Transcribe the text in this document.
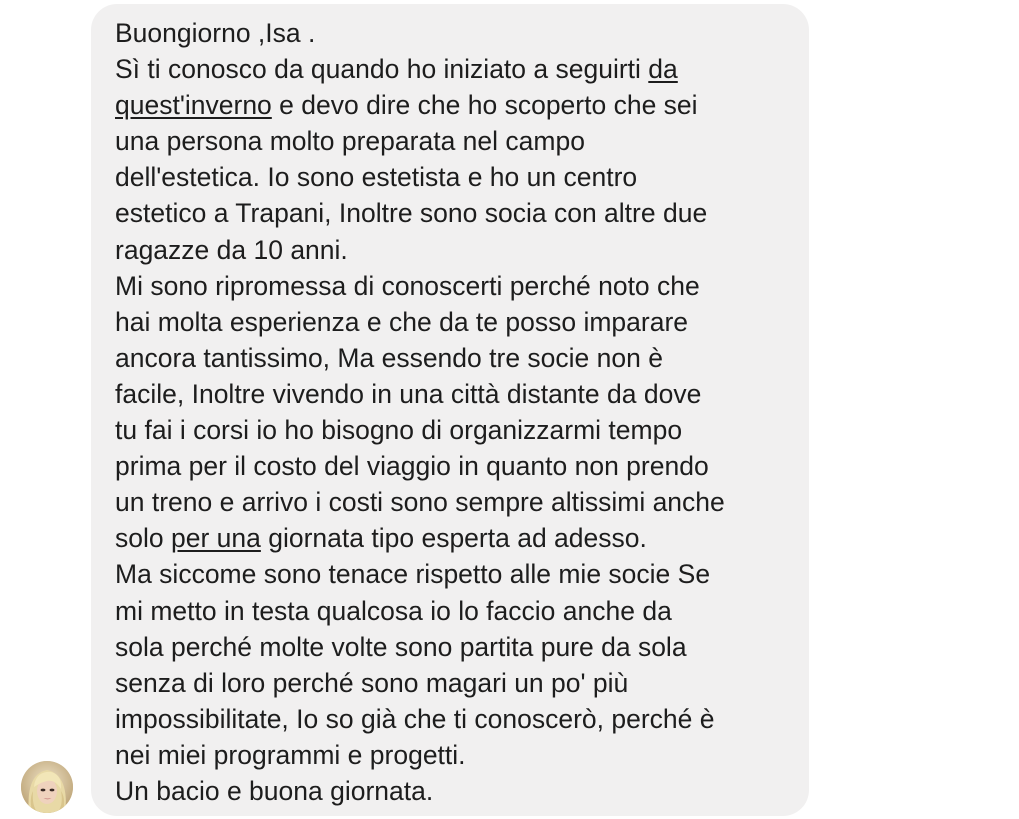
Buongiorno ,Isa .
Sì ti conosco da quando ho iniziato a seguirti da
quest'inverno e devo dire che ho scoperto che sei
una persona molto preparata nel campo
dell'estetica. Io sono estetista e ho un centro
estetico a Trapani, Inoltre sono socia con altre due
ragazze da 10 anni.
Mi sono ripromessa di conoscerti perché noto che
hai molta esperienza e che da te posso imparare
ancora tantissimo, Ma essendo tre socie non è
facile, Inoltre vivendo in una città distante da dove
tu fai i corsi io ho bisogno di organizzarmi tempo
prima per il costo del viaggio in quanto non prendo
un treno e arrivo i costi sono sempre altissimi anche
solo per una giornata tipo esperta ad adesso.
Ma siccome sono tenace rispetto alle mie socie Se
mi metto in testa qualcosa io lo faccio anche da
sola perché molte volte sono partita pure da sola
senza di loro perché sono magari un po' più
impossibilitate, Io so già che ti conoscerò, perché è
nei miei programmi e progetti.
Un bacio e buona giornata.
